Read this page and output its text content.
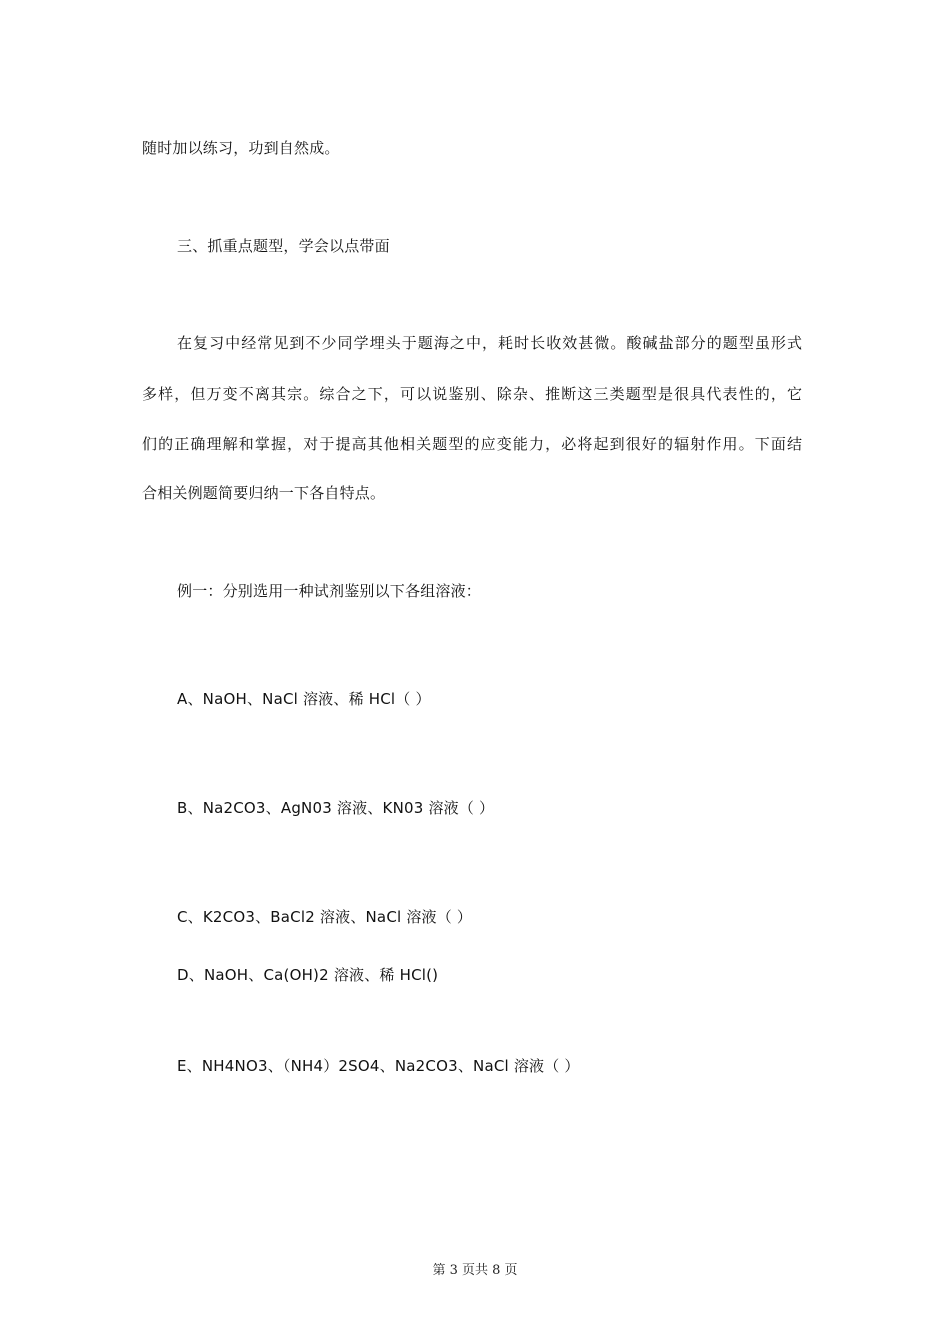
随时加以练习，功到自然成。
三、抓重点题型，学会以点带面
在复习中经常见到不少同学埋头于题海之中，耗时长收效甚微。酸碱盐部分的题型虽形式
多样，但万变不离其宗。综合之下，可以说鉴别、除杂、推断这三类题型是很具代表性的，它
们的正确理解和掌握，对于提高其他相关题型的应变能力，必将起到很好的辐射作用。下面结
合相关例题简要归纳一下各自特点。
例一：分别选用一种试剂鉴别以下各组溶液：
A、NaOH、NaCl 溶液、稀 HCl（ ）
B、Na2CO3、AgN03 溶液、KN03 溶液（ ）
C、K2CO3、BaCl2 溶液、NaCl 溶液（ ）
D、NaOH、Ca(OH)2 溶液、稀 HCl()
E、NH4NO3、（NH4）2SO4、Na2CO3、NaCl 溶液（ ）
第 3 页共 8 页
